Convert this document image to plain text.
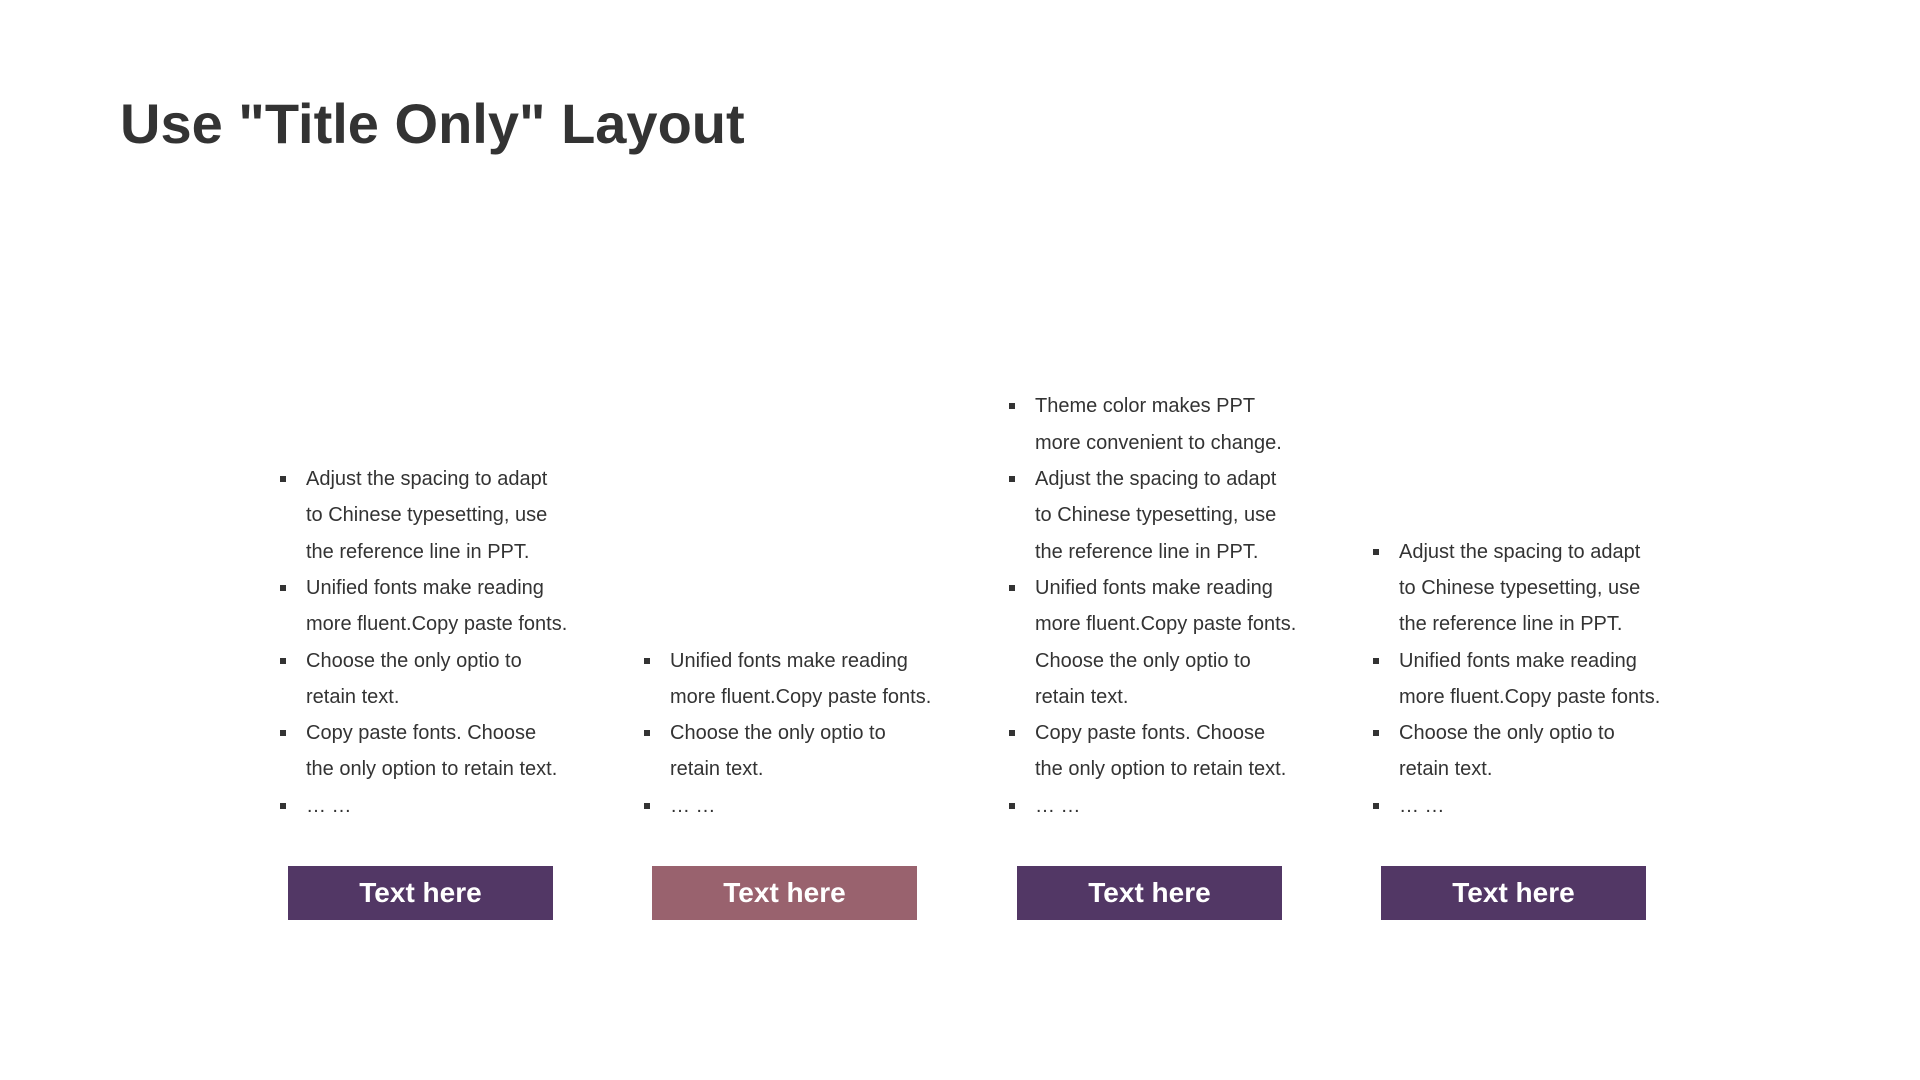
Use "Title Only" Layout
Adjust the spacing to adapt
to Chinese typesetting, use
the reference line in PPT.
Unified fonts make reading
more fluent.Copy paste fonts.
Choose the only optio to
retain text.
Copy paste fonts. Choose
the only option to retain text.
… …
Text here
Unified fonts make reading
more fluent.Copy paste fonts.
Choose the only optio to
retain text.
… …
Text here
Theme color makes PPT
more convenient to change.
Adjust the spacing to adapt
to Chinese typesetting, use
the reference line in PPT.
Unified fonts make reading
more fluent.Copy paste fonts.
Choose the only optio to
retain text.
Copy paste fonts. Choose
the only option to retain text.
… …
Text here
Adjust the spacing to adapt
to Chinese typesetting, use
the reference line in PPT.
Unified fonts make reading
more fluent.Copy paste fonts.
Choose the only optio to
retain text.
… …
Text here
